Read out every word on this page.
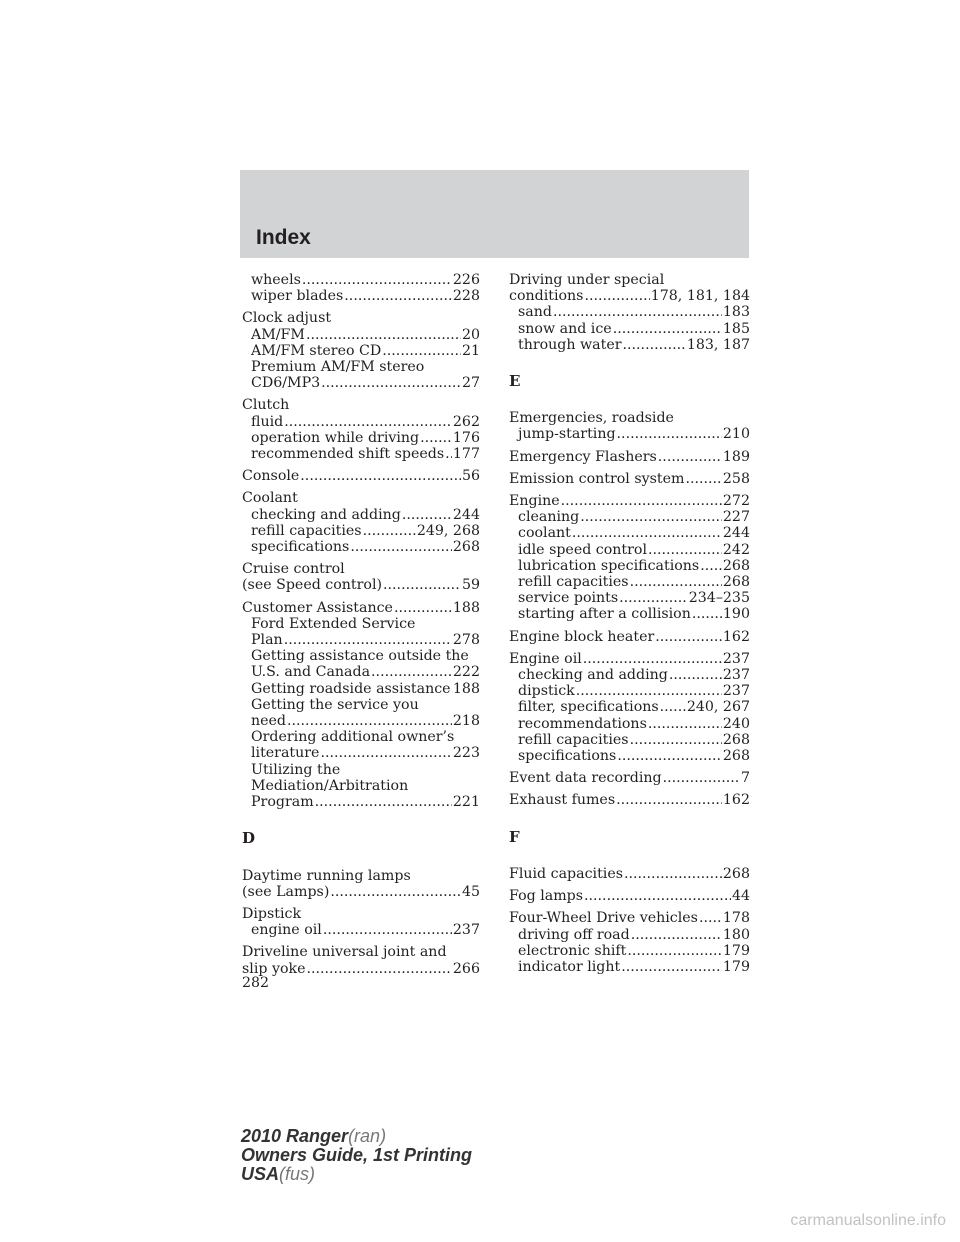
Index
wheels .....	226
wiper blades .....	228
Clock adjust
AM/FM .....	20
AM/FM stereo CD .....	21
Premium AM/FM stereo
CD6/MP3 .....	27
Clutch
fluid .....	262
operation while driving ..... 176
recommended shift speeds ..... 177
Console .....	56
Coolant
checking and adding .....	244
refill capacities .....	249, 268
specifications .....	268
Cruise control
(see Speed control) .....	59
Customer Assistance .....	188
Ford Extended Service
Plan .....	278
Getting assistance outside the
U.S. and Canada .....	222
Getting roadside assistance ..... 188
Getting the service you
need .....	218
Ordering additional owner’s
literature .....	223
Utilizing the
Mediation/Arbitration
Program .....	221
D
Daytime running lamps
(see Lamps) .....	45
Dipstick
engine oil .....	237
Driveline universal joint and
slip yoke .....	266
Driving under special
conditions .....	178, 181, 184
sand .....	183
snow and ice .....	185
through water .....	183, 187
E
Emergencies, roadside
jump-starting .....	210
Emergency Flashers .....	189
Emission control system .....	258
Engine .....	272
cleaning .....	227
coolant .....	244
idle speed control .....	242
lubrication specifications ..... 268
refill capacities .....	268
service points .....	234–235
starting after a collision ..... 190
Engine block heater .....	162
Engine oil .....	237
checking and adding .....	237
dipstick .....	237
filter, specifications ..... 240, 267
recommendations .....	240
refill capacities .....	268
specifications .....	268
Event data recording .....	7
Exhaust fumes .....	162
F
Fluid capacities .....	268
Fog lamps .....	44
Four-Wheel Drive vehicles ..... 178
driving off road .....	180
electronic shift .....	179
indicator light .....	179
282
2010 Ranger(ran)
Owners Guide, 1st Printing
USA(fus)
carmanualsonline.info
